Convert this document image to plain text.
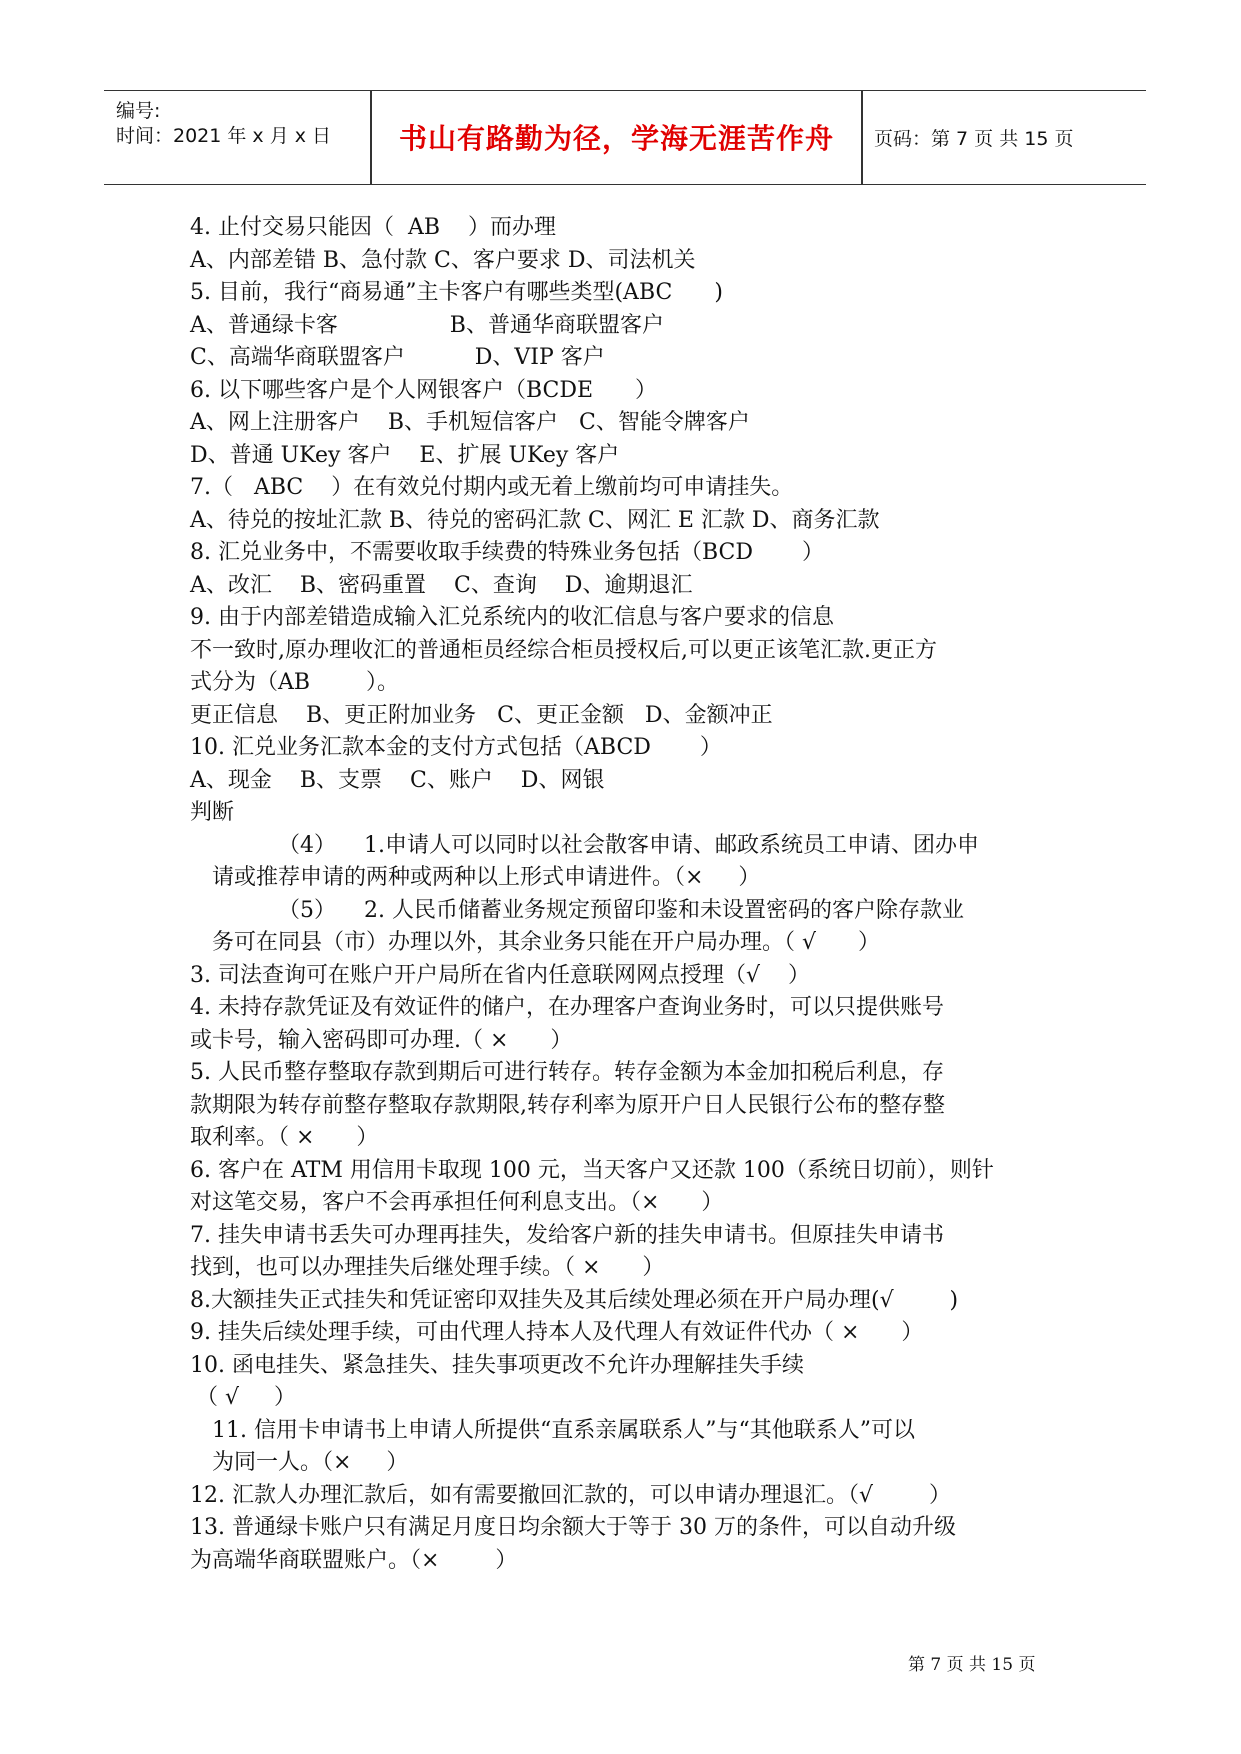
编号:
时间：2021 年 x 月 x 日	书山有路勤为径，学海无涯苦作舟	页码：第 7 页 共 15 页
4. 止付交易只能因（  AB    ）而办理
A、内部差错 B、急付款 C、客户要求 D、司法机关
5. 目前，我行“商易通”主卡客户有哪些类型(ABC      )
A、普通绿卡客                B、普通华商联盟客户
C、高端华商联盟客户          D、VIP 客户
6. 以下哪些客户是个人网银客户（BCDE      ）
A、网上注册客户    B、手机短信客户   C、智能令牌客户
D、普通 UKey 客户    E、扩展 UKey 客户
7.（   ABC    ）在有效兑付期内或无着上缴前均可申请挂失。
A、待兑的按址汇款 B、待兑的密码汇款 C、网汇 E 汇款 D、商务汇款
8. 汇兑业务中，不需要收取手续费的特殊业务包括（BCD       ）
A、改汇    B、密码重置    C、查询    D、逾期退汇
9. 由于内部差错造成输入汇兑系统内的收汇信息与客户要求的信息
不一致时,原办理收汇的普通柜员经综合柜员授权后,可以更正该笔汇款.更正方
式分为（AB        ）。
更正信息    B、更正附加业务   C、更正金额   D、金额冲正
10. 汇兑业务汇款本金的支付方式包括（ABCD       ）
A、现金    B、支票    C、账户    D、网银
判断
（4）    1.申请人可以同时以社会散客申请、邮政系统员工申请、团办申
请或推荐申请的两种或两种以上形式申请进件。（×     ）
（5）    2. 人民币储蓄业务规定预留印鉴和未设置密码的客户除存款业
务可在同县（市）办理以外，其余业务只能在开户局办理。（ √      ）
3. 司法查询可在账户开户局所在省内任意联网网点授理（√    ）
4. 未持存款凭证及有效证件的储户，在办理客户查询业务时，可以只提供账号
或卡号，输入密码即可办理.（ ×      ）
5. 人民币整存整取存款到期后可进行转存。转存金额为本金加扣税后利息，存
款期限为转存前整存整取存款期限,转存利率为原开户日人民银行公布的整存整
取利率。（ ×      ）
6. 客户在 ATM 用信用卡取现 100 元，当天客户又还款 100（系统日切前），则针
对这笔交易，客户不会再承担任何利息支出。（×      ）
7. 挂失申请书丢失可办理再挂失，发给客户新的挂失申请书。但原挂失申请书
找到，也可以办理挂失后继处理手续。（ ×      ）
8.大额挂失正式挂失和凭证密印双挂失及其后续处理必须在开户局办理(√        )
9. 挂失后续处理手续，可由代理人持本人及代理人有效证件代办（ ×      ）
10. 函电挂失、紧急挂失、挂失事项更改不允许办理解挂失手续
（ √     ）
11. 信用卡申请书上申请人所提供“直系亲属联系人”与“其他联系人”可以
为同一人。（×     ）
12. 汇款人办理汇款后，如有需要撤回汇款的，可以申请办理退汇。（√        ）
13. 普通绿卡账户只有满足月度日均余额大于等于 30 万的条件，可以自动升级
为高端华商联盟账户。（×        ）
第 7 页 共 15 页
